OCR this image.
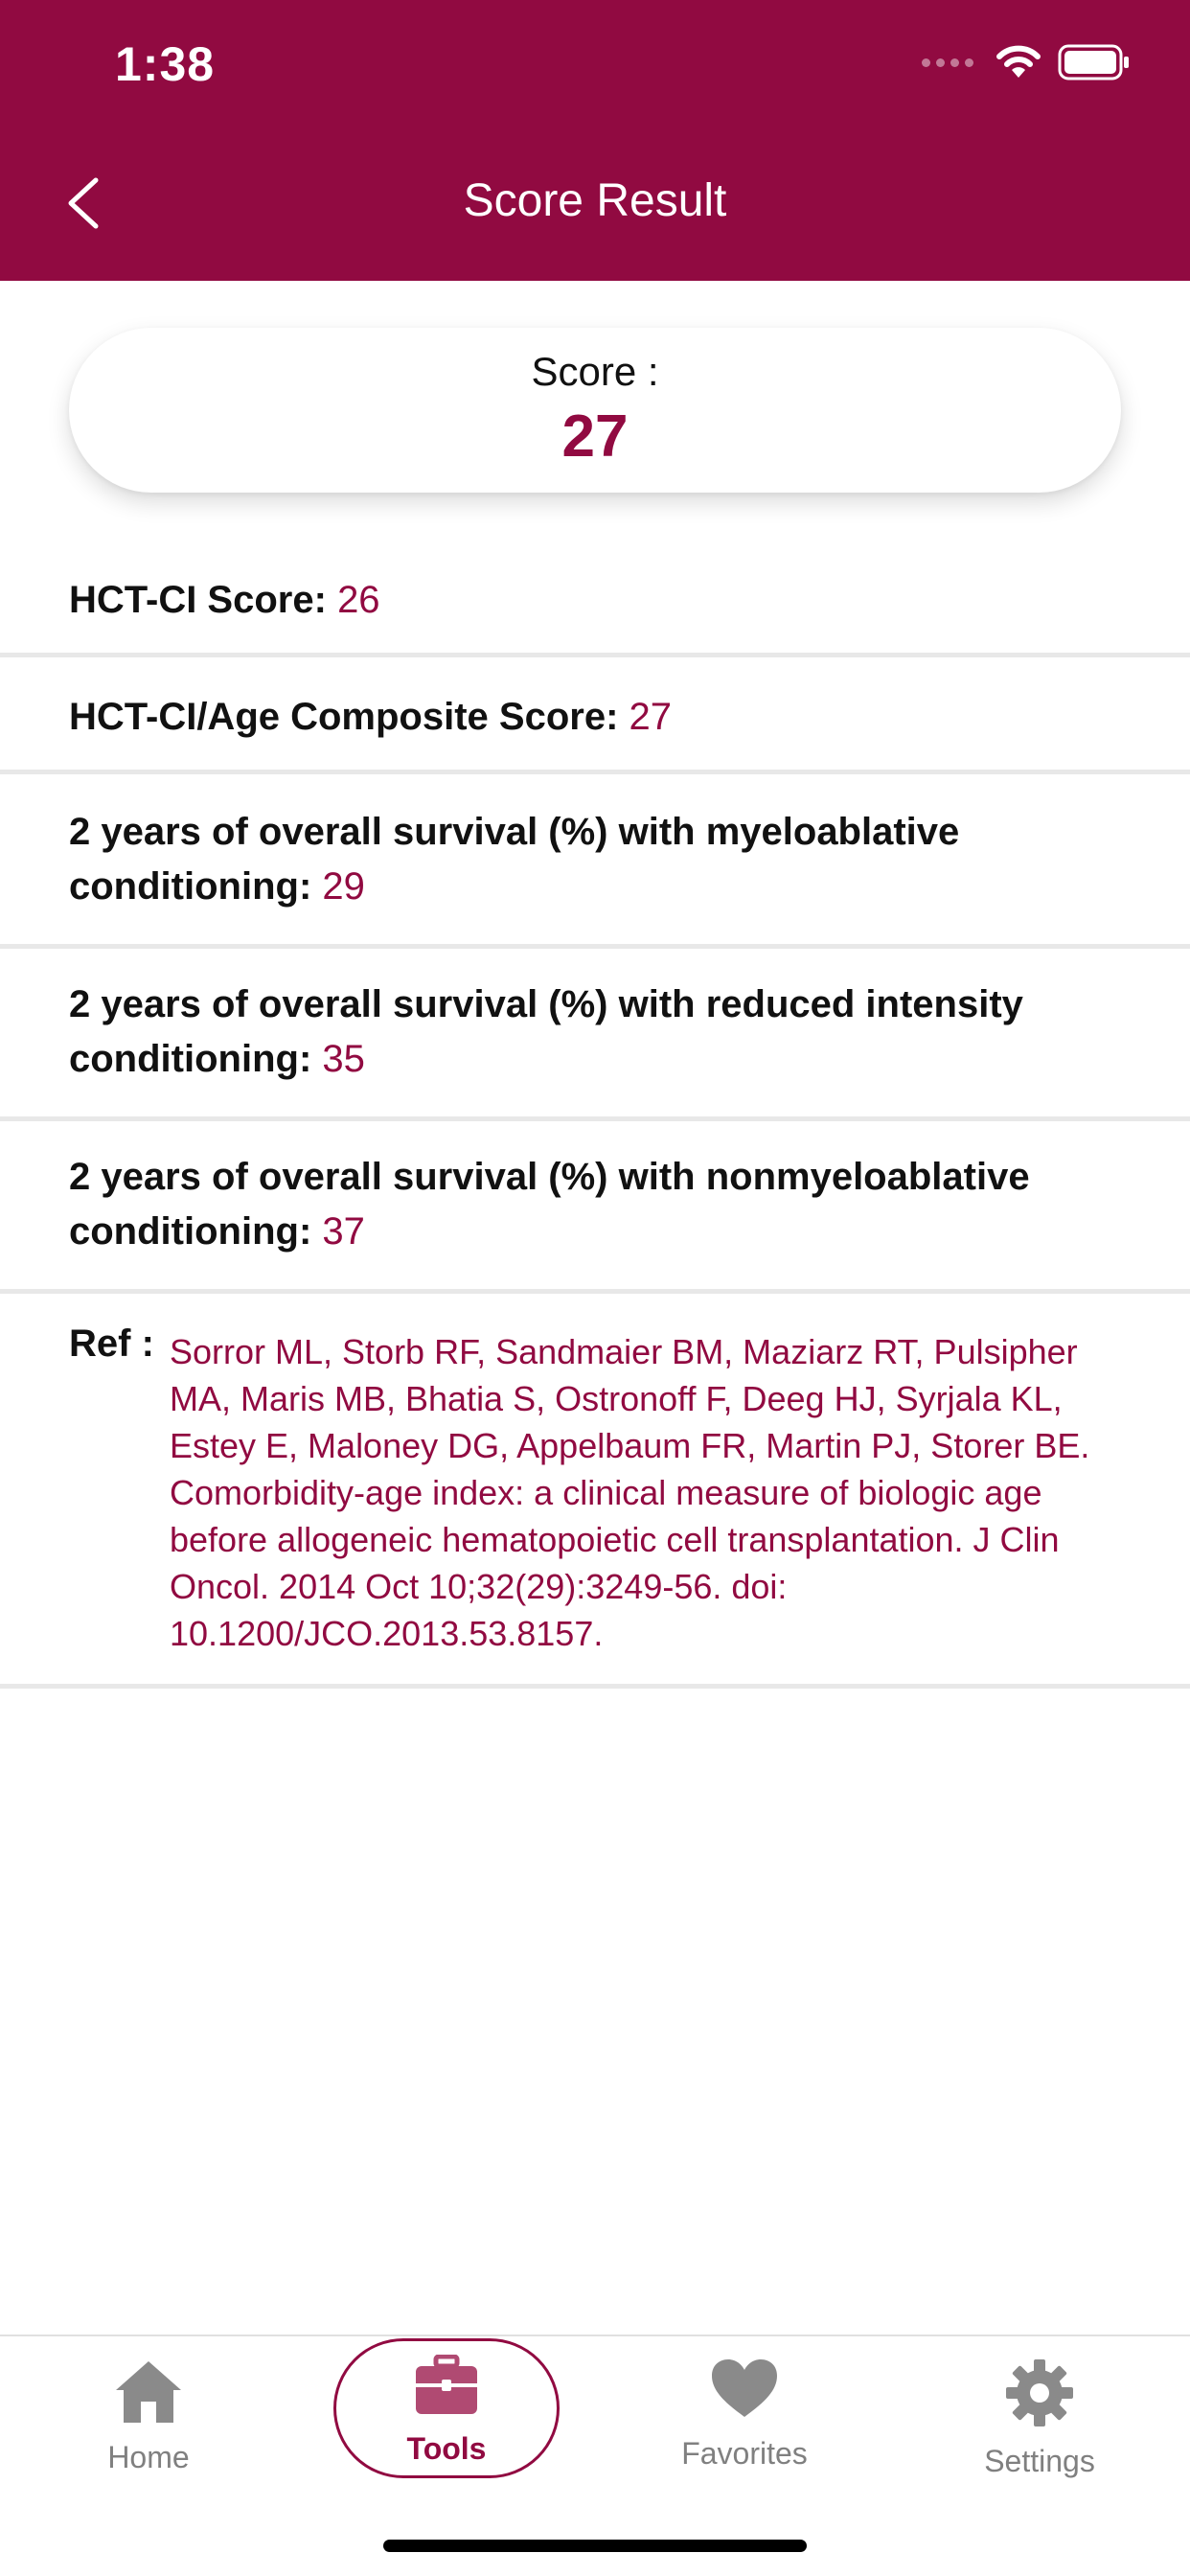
1:38
Score Result
Score :
27
HCT-CI Score: 26
HCT-CI/Age Composite Score: 27
2 years of overall survival (%) with myeloablative conditioning: 29
2 years of overall survival (%) with reduced intensity conditioning: 35
2 years of overall survival (%) with nonmyeloablative conditioning: 37
Ref : Sorror ML, Storb RF, Sandmaier BM, Maziarz RT, Pulsipher MA, Maris MB, Bhatia S, Ostronoff F, Deeg HJ, Syrjala KL, Estey E, Maloney DG, Appelbaum FR, Martin PJ, Storer BE. Comorbidity-age index: a clinical measure of biologic age before allogeneic hematopoietic cell transplantation. J Clin Oncol. 2014 Oct 10;32(29):3249-56. doi: 10.1200/JCO.2013.53.8157.
Home	Tools	Favorites	Settings
